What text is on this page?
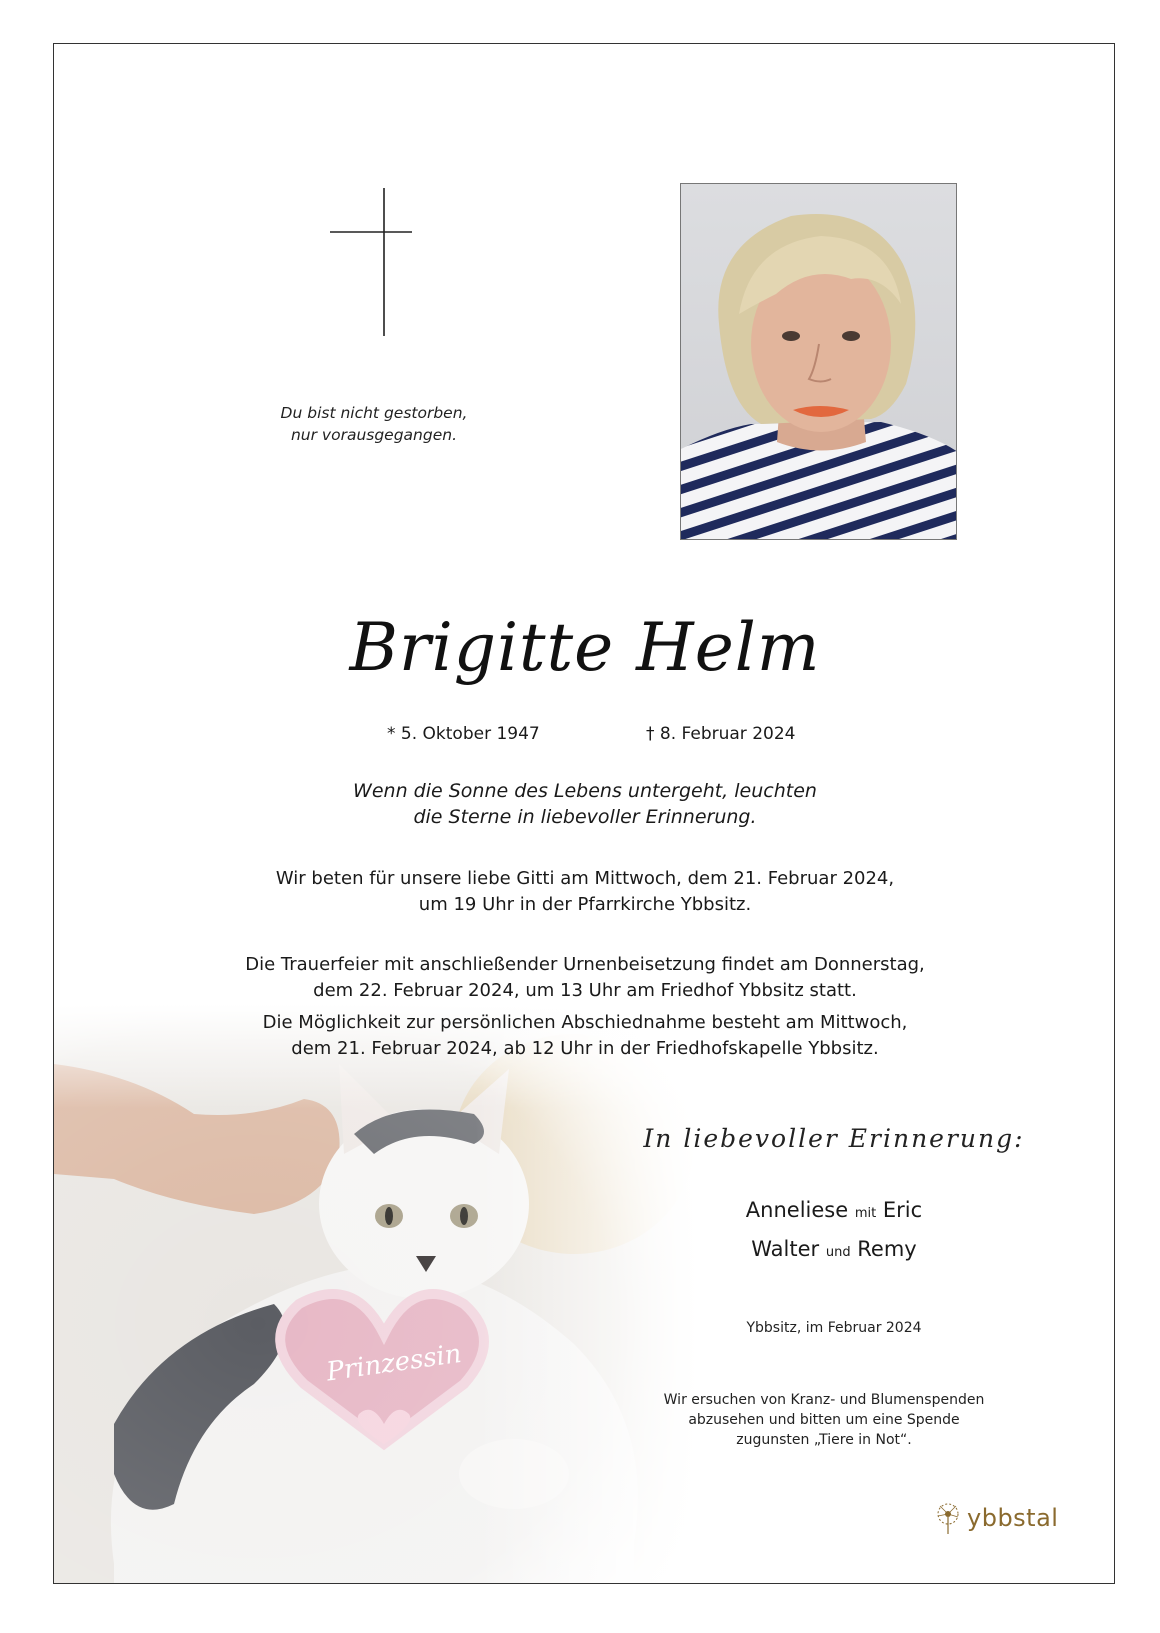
Du bist nicht gestorben,
nur vorausgegangen.
Brigitte Helm
* 5. Oktober 1947	† 8. Februar 2024
Wenn die Sonne des Lebens untergeht, leuchten
die Sterne in liebevoller Erinnerung.
Wir beten für unsere liebe Gitti am Mittwoch, dem 21. Februar 2024,
um 19 Uhr in der Pfarrkirche Ybbsitz.
Die Trauerfeier mit anschließender Urnenbeisetzung findet am Donnerstag,
dem 22. Februar 2024, um 13 Uhr am Friedhof Ybbsitz statt.
Die Möglichkeit zur persönlichen Abschiednahme besteht am Mittwoch,
dem 21. Februar 2024, ab 12 Uhr in der Friedhofskapelle Ybbsitz.
In liebevoller Erinnerung:
Anneliese mit Eric
Walter und Remy
Ybbsitz, im Februar 2024
Wir ersuchen von Kranz- und Blumenspenden
abzusehen und bitten um eine Spende
zugunsten „Tiere in Not“.
ybbstal
